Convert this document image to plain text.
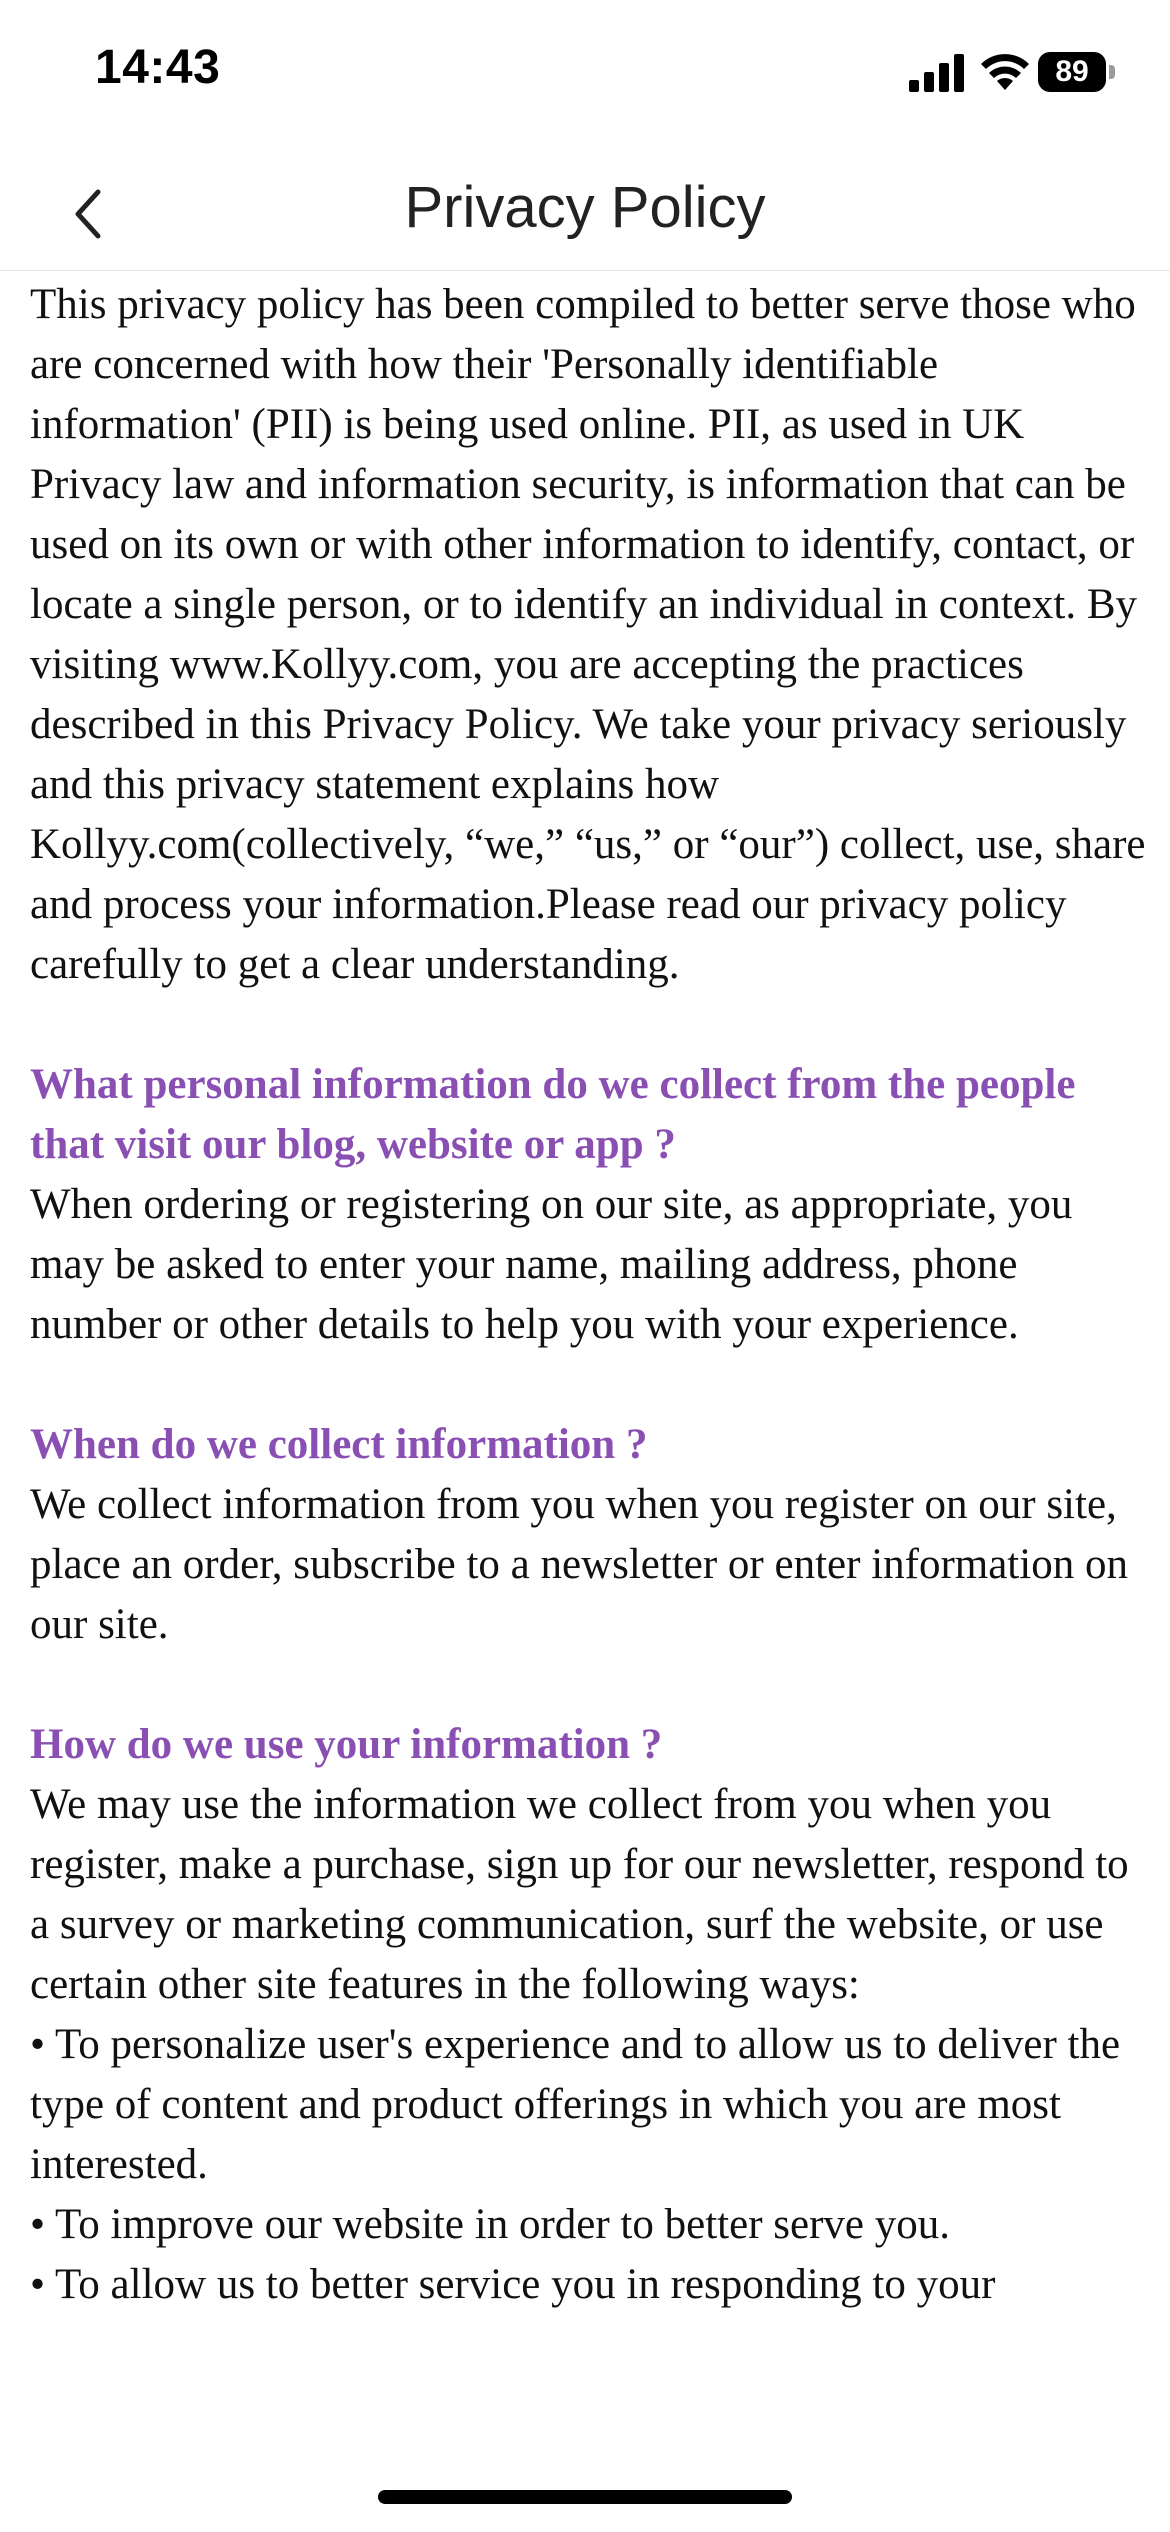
14:43	89
Privacy Policy

This privacy policy has been compiled to better serve those who are concerned with how their 'Personally identifiable information' (PII) is being used online. PII, as used in UK Privacy law and information security, is information that can be used on its own or with other information to identify, contact, or locate a single person, or to identify an individual in context. By visiting www.Kollyy.com, you are accepting the practices described in this Privacy Policy. We take your privacy seriously and this privacy statement explains how Kollyy.com(collectively, “we,” “us,” or “our”) collect, use, share and process your information.Please read our privacy policy carefully to get a clear understanding.

What personal information do we collect from the people that visit our blog, website or app ?

When ordering or registering on our site, as appropriate, you may be asked to enter your name, mailing address, phone number or other details to help you with your experience.

When do we collect information ?

We collect information from you when you register on our site, place an order, subscribe to a newsletter or enter information on our site.

How do we use your information ?

We may use the information we collect from you when you register, make a purchase, sign up for our newsletter, respond to a survey or marketing communication, surf the website, or use certain other site features in the following ways:

• To personalize user's experience and to allow us to deliver the type of content and product offerings in which you are most interested.

• To improve our website in order to better serve you.

• To allow us to better service you in responding to your
